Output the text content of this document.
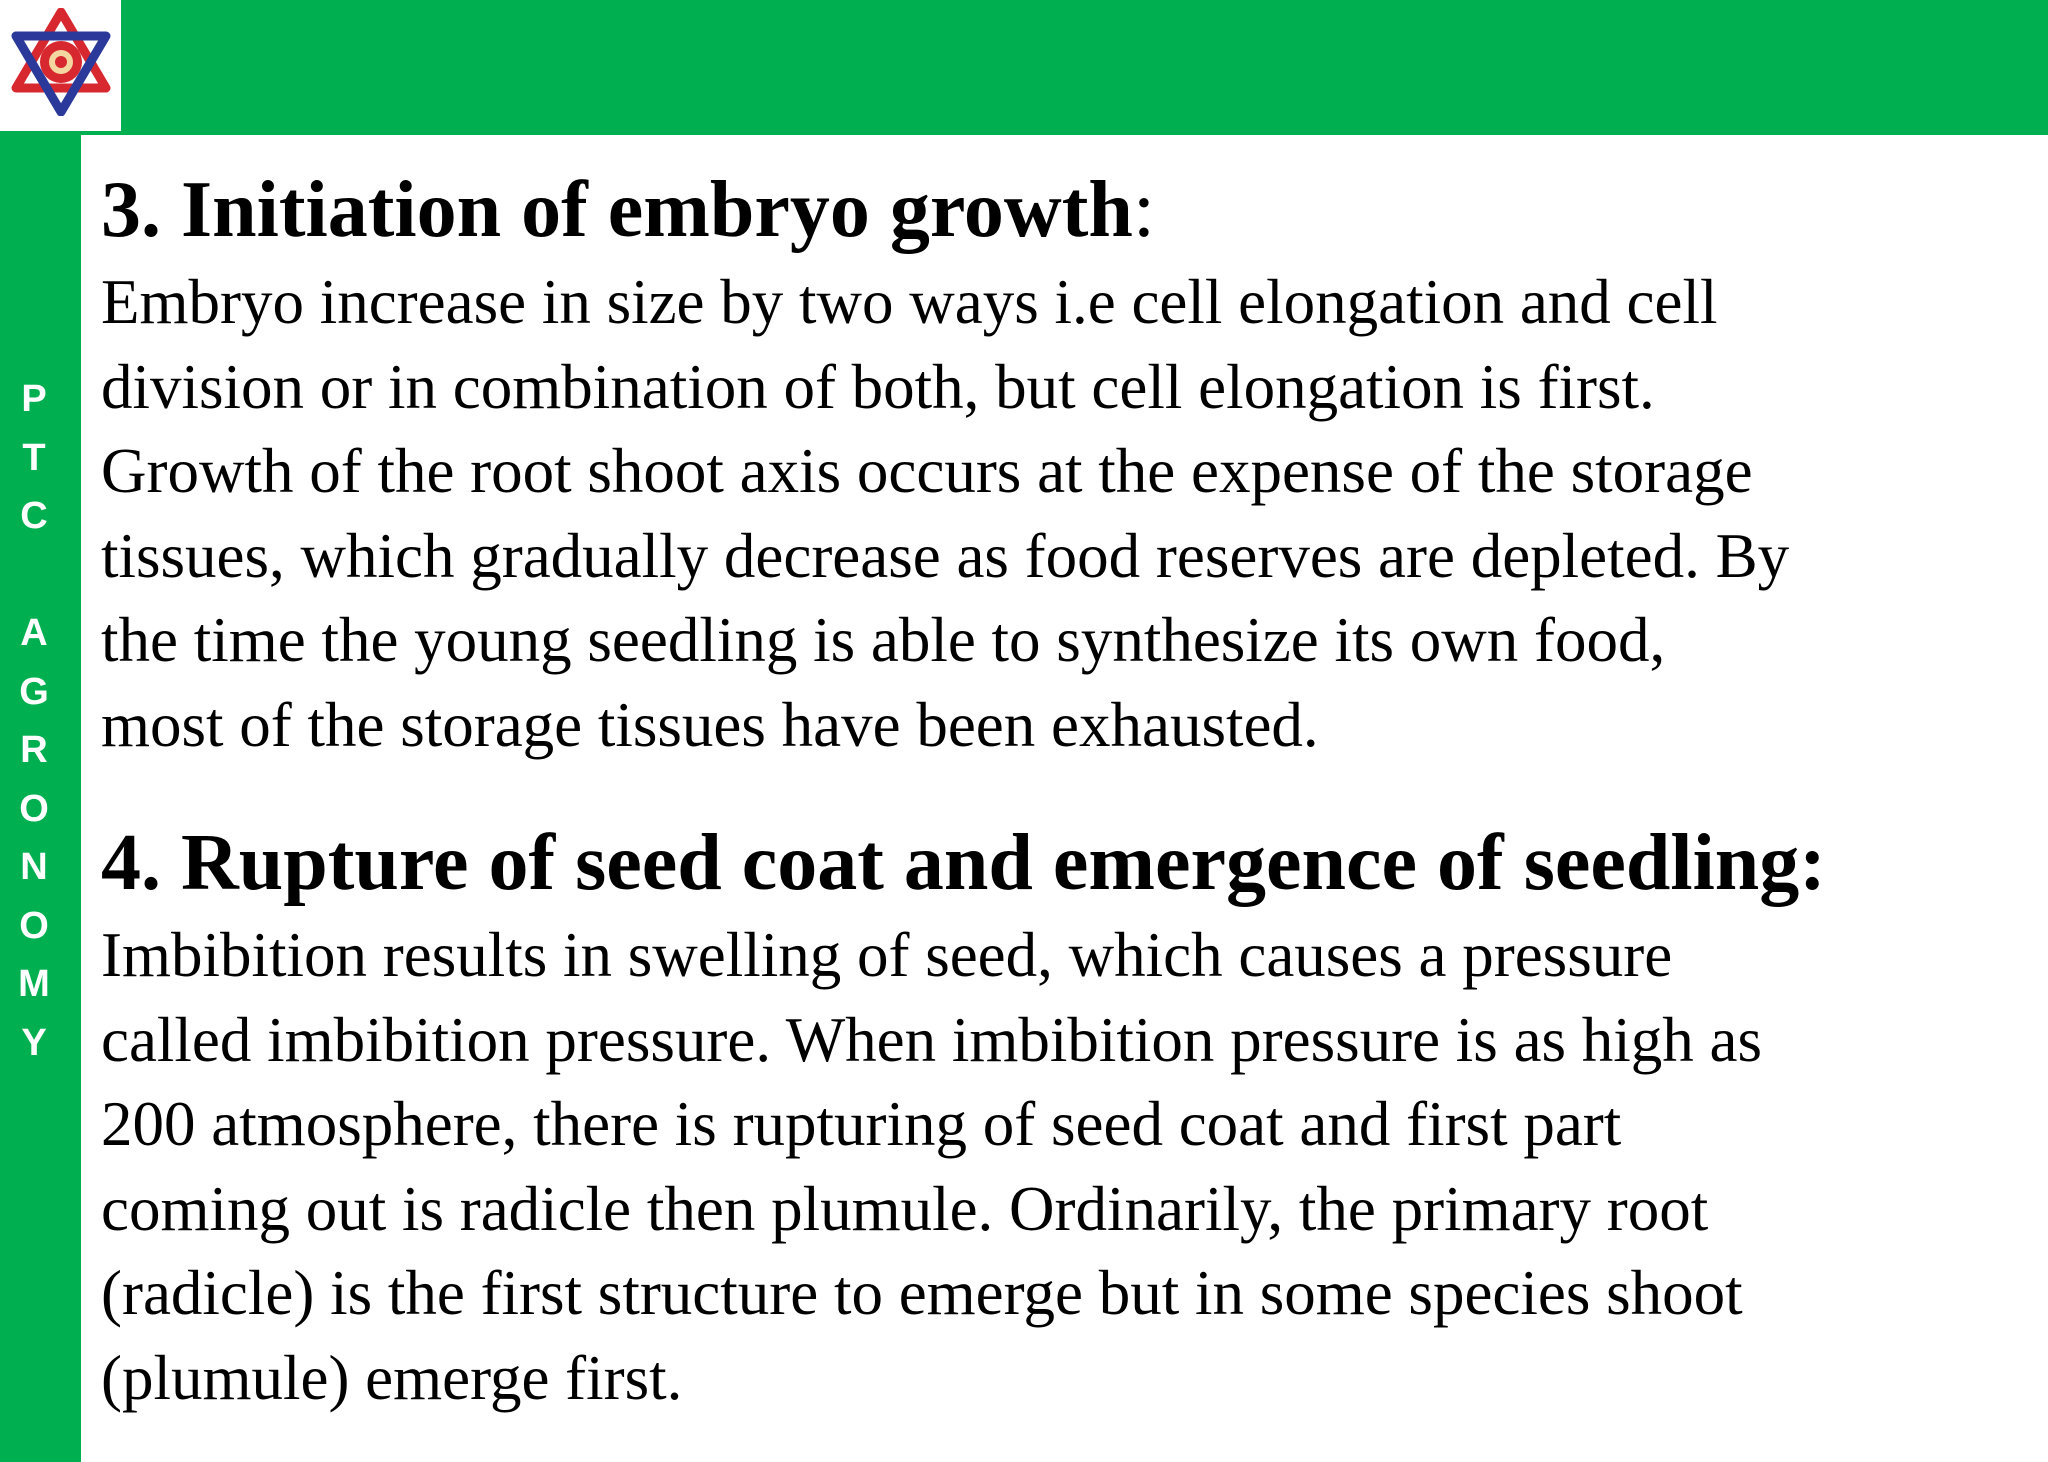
P
T
C
A
G
R
O
N
O
M
Y
3. Initiation of embryo growth:

Embryo increase in size by two ways i.e cell elongation and cell
division or in combination of both, but cell elongation is first.
Growth of the root shoot axis occurs at the expense of the storage
tissues, which gradually decrease as food reserves are depleted. By
the time the young seedling is able to synthesize its own food,
most of the storage tissues have been exhausted.

4. Rupture of seed coat and emergence of seedling:

Imbibition results in swelling of seed, which causes a pressure
called imbibition pressure. When imbibition pressure is as high as
200 atmosphere, there is rupturing of seed coat and first part
coming out is radicle then plumule. Ordinarily, the primary root
(radicle) is the first structure to emerge but in some species shoot
(plumule) emerge first.
